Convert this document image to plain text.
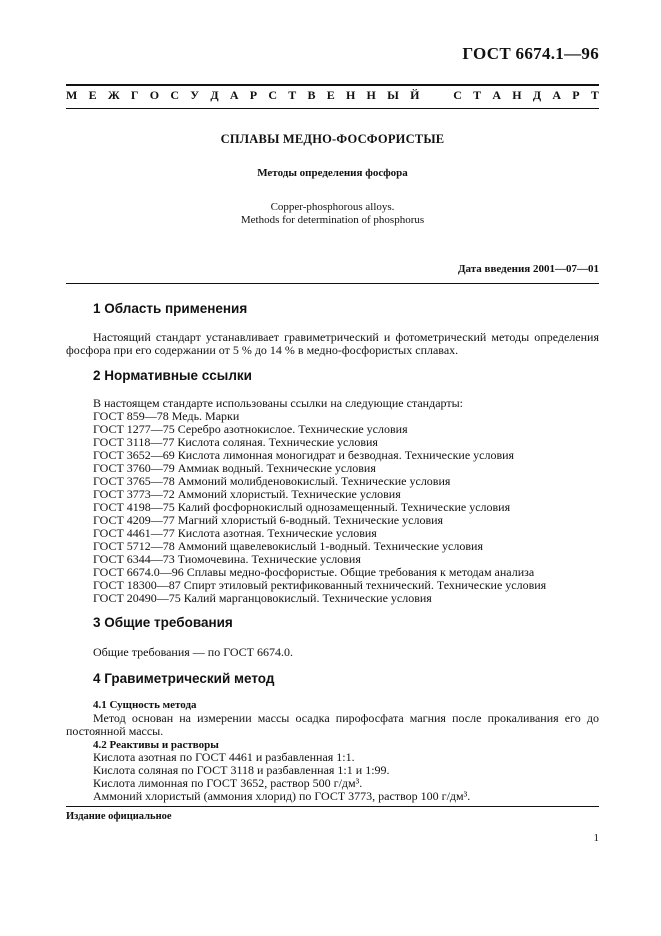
ГОСТ 6674.1—96
М Е Ж Г О С У Д А Р С Т В Е Н Н Ы Й	С Т А Н Д А Р Т
СПЛАВЫ МЕДНО-ФОСФОРИСТЫЕ
Методы определения фосфора
Copper-phosphorous alloys.
Methods for determination of phosphorus
Дата введения 2001—07—01
1 Область применения
Настоящий стандарт устанавливает гравиметрический и фотометрический методы определения фосфора при его содержании от 5 % до 14 % в медно-фосфористых сплавах.
2 Нормативные ссылки
В настоящем стандарте использованы ссылки на следующие стандарты:
ГОСТ 859—78 Медь. Марки
ГОСТ 1277—75 Серебро азотнокислое. Технические условия
ГОСТ 3118—77 Кислота соляная. Технические условия
ГОСТ 3652—69 Кислота лимонная моногидрат и безводная. Технические условия
ГОСТ 3760—79 Аммиак водный. Технические условия
ГОСТ 3765—78 Аммоний молибденовокислый. Технические условия
ГОСТ 3773—72 Аммоний хлористый. Технические условия
ГОСТ 4198—75 Калий фосфорнокислый однозамещенный. Технические условия
ГОСТ 4209—77 Магний хлористый 6-водный. Технические условия
ГОСТ 4461—77 Кислота азотная. Технические условия
ГОСТ 5712—78 Аммоний щавелевокислый 1-водный. Технические условия
ГОСТ 6344—73 Тиомочевина. Технические условия
ГОСТ 6674.0—96 Сплавы медно-фосфористые. Общие требования к методам анализа
ГОСТ 18300—87 Спирт этиловый ректификованный технический. Технические условия
ГОСТ 20490—75 Калий марганцовокислый. Технические условия
3 Общие требования
Общие требования — по ГОСТ 6674.0.
4 Гравиметрический метод
4.1 Сущность метода
Метод основан на измерении массы осадка пирофосфата магния после прокаливания его до постоянной массы.
4.2 Реактивы и растворы
Кислота азотная по ГОСТ 4461 и разбавленная 1:1.
Кислота соляная по ГОСТ 3118 и разбавленная 1:1 и 1:99.
Кислота лимонная по ГОСТ 3652, раствор 500 г/дм³.
Аммоний хлористый (аммония хлорид) по ГОСТ 3773, раствор 100 г/дм³.
Издание официальное
1
